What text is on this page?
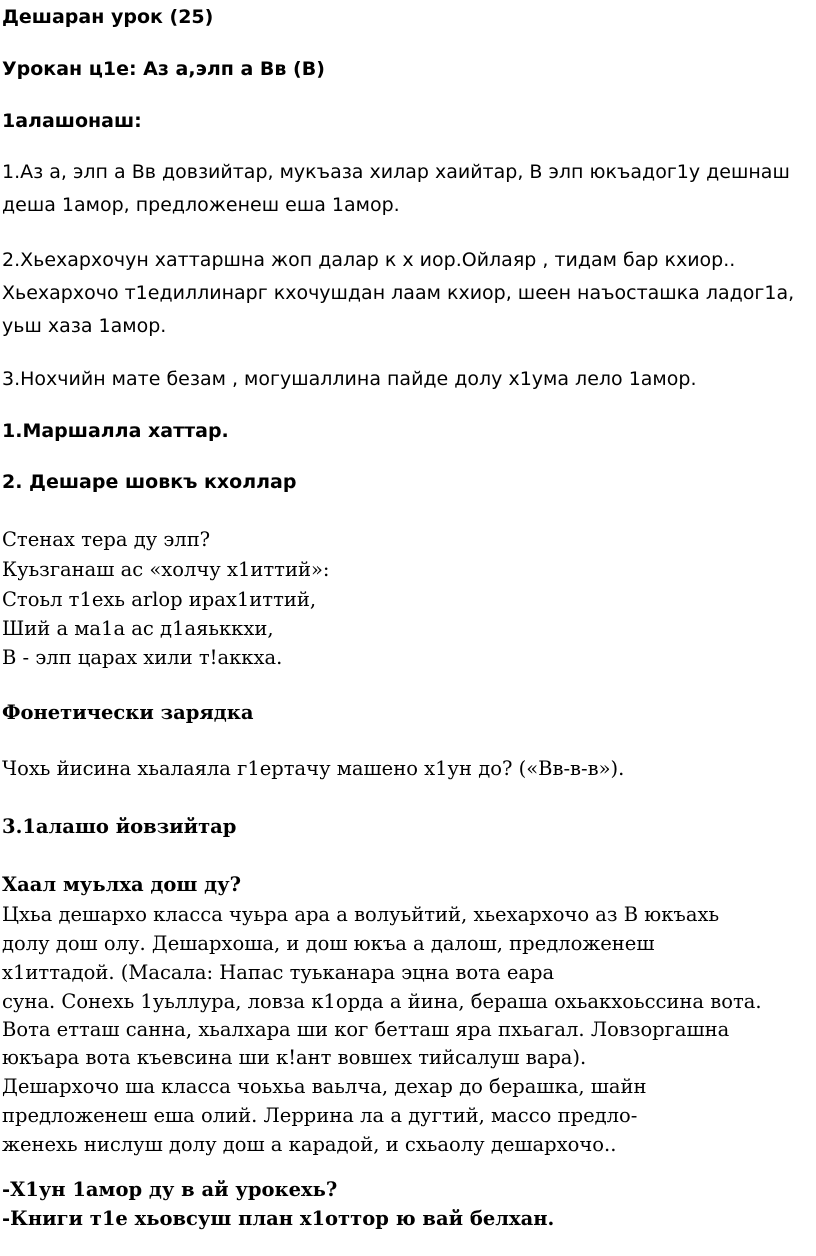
Дешаран урок (25)
Урокан ц1е: Аз а,элп а Вв (В)
1алашонаш:
1.Аз а, элп а Вв довзийтар, мукъаза хилар хаийтар, В элп юкъадог1у дешнаш
деша 1амор, предложенеш еша 1амор.
2.Хьехархочун хаттаршна жоп далар к х иор.Ойлаяр , тидам бар кхиор..
Хьехархочо т1едиллинарг кхочушдан лаам кхиор, шеен наъосташка ладог1а,
уьш хаза 1амор.
3.Нохчийн мате безам , могушаллина пайде долу х1ума лело 1амор.
1.Маршалла хаттар.
2. Дешаре шовкъ кхоллар
Стенах тера ду элп?
Куьзганаш ас «холчу х1иттий»:
Стоьл т1ехь arlop ирах1иттий,
Ший а ма1а ас д1аяьккхи,
В - элп царах хили т!аккха.
Фонетически зарядка
Чохь йисина хьалаяла г1ертачу машено х1ун до? («Вв-в-в»).
3.1алашо йовзийтар
Хаал муьлха дош ду?
Цхьа дешархо класса чуьра ара а волуьйтий, хьехархочо аз В юкъахь
долу дош олу. Дешархоша, и дош юкъа а далош, предложенеш
х1иттадой. (Масала: Напас туьканара эцна вота еара
суна. Сонехь 1уьллура, ловза к1орда а йина, бераша охьакхоьссина вота.
Вота етташ санна, хьалхара ши ког бетташ яра пхьагал. Ловзоргашна
юкъара вота къевсина ши к!ант вовшех тийсалуш вара).
Дешархочо ша класса чоьхьа ваьлча, дехар до берашка, шайн
предложенеш еша олий. Леррина ла а дугтий, массо предло-
женехь нислуш долу дош а карадой, и схьаолу дешархочо..
-Х1ун 1амор ду в ай урокехь?
-Книги т1е хьовсуш план х1оттор ю вай белхан.
